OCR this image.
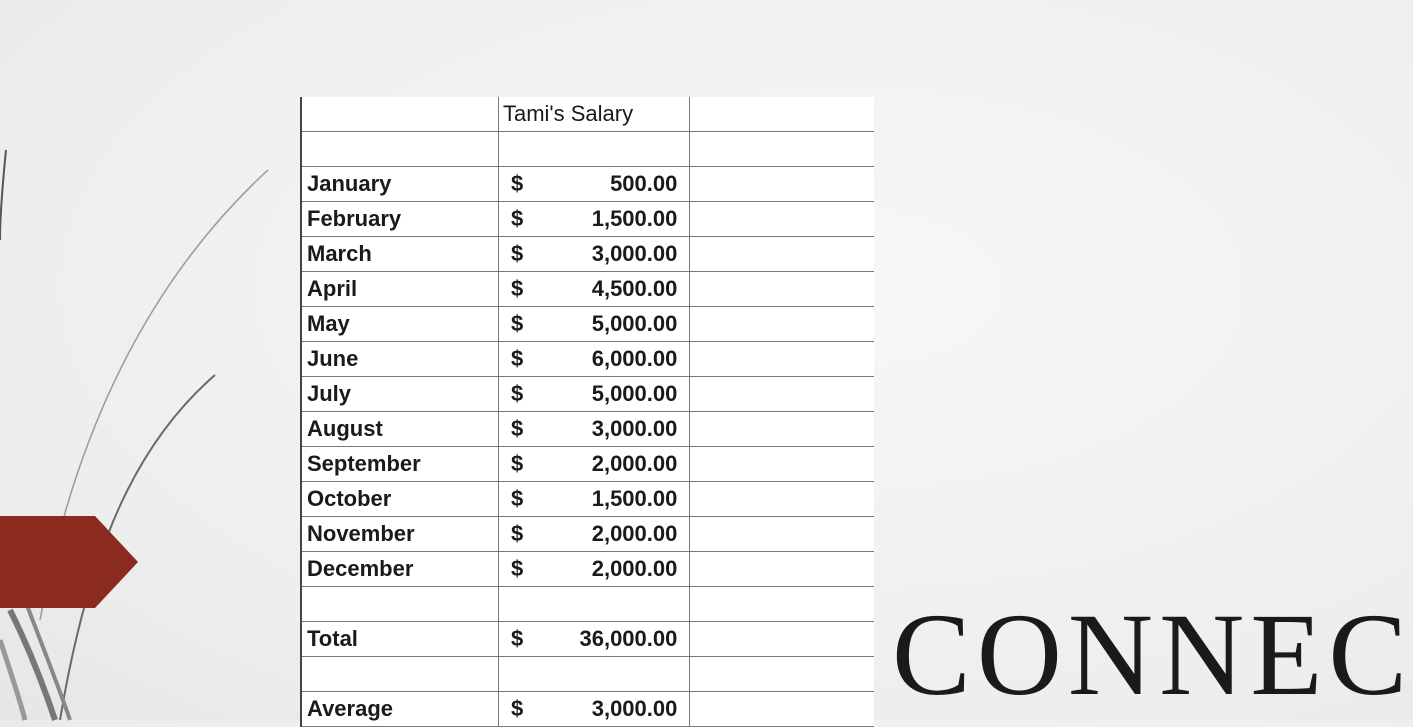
CONNEC
	Tami's Salary	

January	$ 500.00	

February	$ 1,500.00	

March	$ 3,000.00	

April	$ 4,500.00	

May	$ 5,000.00	

June	$ 6,000.00	

July	$ 5,000.00	

August	$ 3,000.00	

September	$ 2,000.00	

October	$ 1,500.00	

November	$ 2,000.00	

December	$ 2,000.00	

Total	$ 36,000.00	

Average	$ 3,000.00	
